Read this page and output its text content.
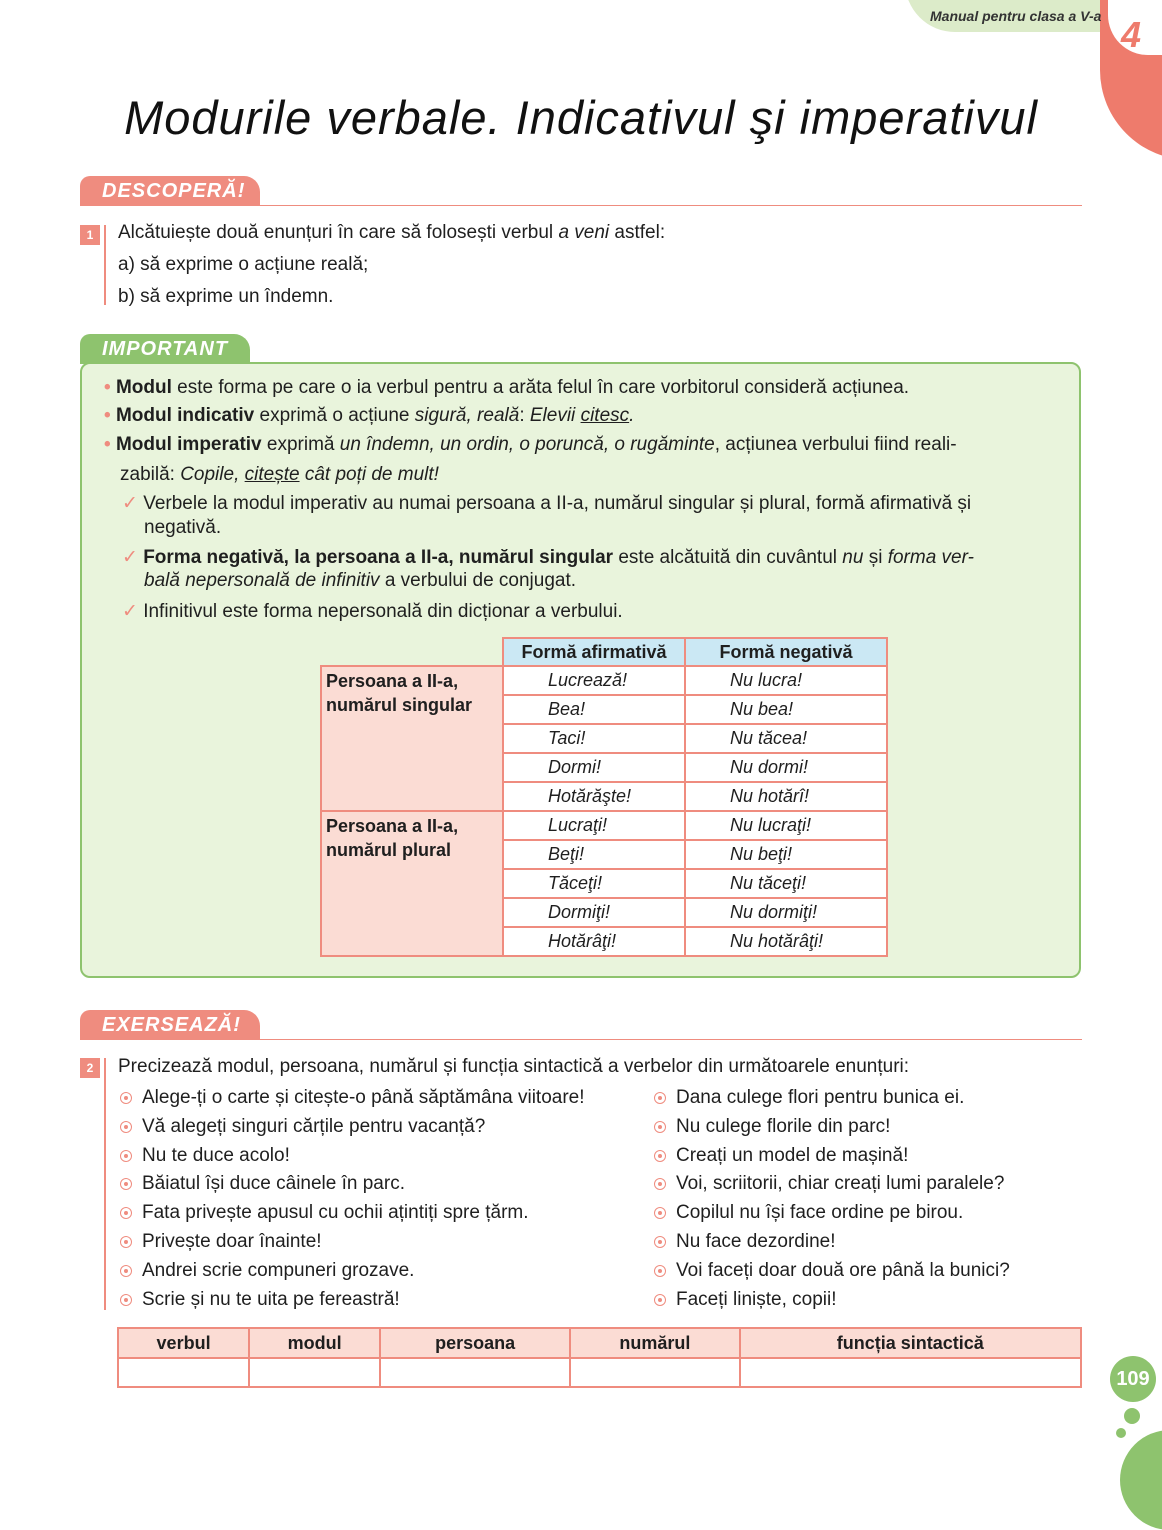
Manual pentru clasa a V-a 4
Modurile verbale. Indicativul şi imperativul
DESCOPERĂ!
1	Alcătuiește două enunțuri în care să folosești verbul a veni astfel:
a) să exprime o acțiune reală;
b) să exprime un îndemn.
IMPORTANT
• Modul este forma pe care o ia verbul pentru a arăta felul în care vorbitorul consideră acțiunea.
• Modul indicativ exprimă o acțiune sigură, reală: Elevii citesc.
• Modul imperativ exprimă un îndemn, un ordin, o poruncă, o rugăminte, acțiunea verbului fiind reali-
zabilă: Copile, citește cât poți de mult!
✓ Verbele la modul imperativ au numai persoana a II-a, numărul singular și plural, formă afirmativă și
negativă.
✓ Forma negativă, la persoana a II-a, numărul singular este alcătuită din cuvântul nu și forma ver-
bală nepersonală de infinitiv a verbului de conjugat.
✓ Infinitivul este forma nepersonală din dicționar a verbului.
	Formă afirmativă	Formă negativă
Persoana a II-a,
numărul singular	Lucrează!	Nu lucra!
	Bea!	Nu bea!
	Taci!	Nu tăcea!
	Dormi!	Nu dormi!
	Hotărăşte!	Nu hotărî!
Persoana a II-a,
numărul plural	Lucraţi!	Nu lucraţi!
	Beţi!	Nu beţi!
	Tăceţi!	Nu tăceţi!
	Dormiţi!	Nu dormiţi!
	Hotărâţi!	Nu hotărâţi!
EXERSEAZĂ!
2	Precizează modul, persoana, numărul și funcția sintactică a verbelor din următoarele enunțuri:
Alege-ți o carte și citește-o până săptămâna viitoare!
Vă alegeți singuri cărțile pentru vacanță?
Nu te duce acolo!
Băiatul își duce câinele în parc.
Fata privește apusul cu ochii ațintiți spre țărm.
Privește doar înainte!
Andrei scrie compuneri grozave.
Scrie și nu te uita pe fereastră!
Dana culege flori pentru bunica ei.
Nu culege florile din parc!
Creați un model de mașină!
Voi, scriitorii, chiar creați lumi paralele?
Copilul nu își face ordine pe birou.
Nu face dezordine!
Voi faceți doar două ore până la bunici?
Faceți liniște, copii!
verbul	modul	persoana	numărul	funcția sintactică

109
